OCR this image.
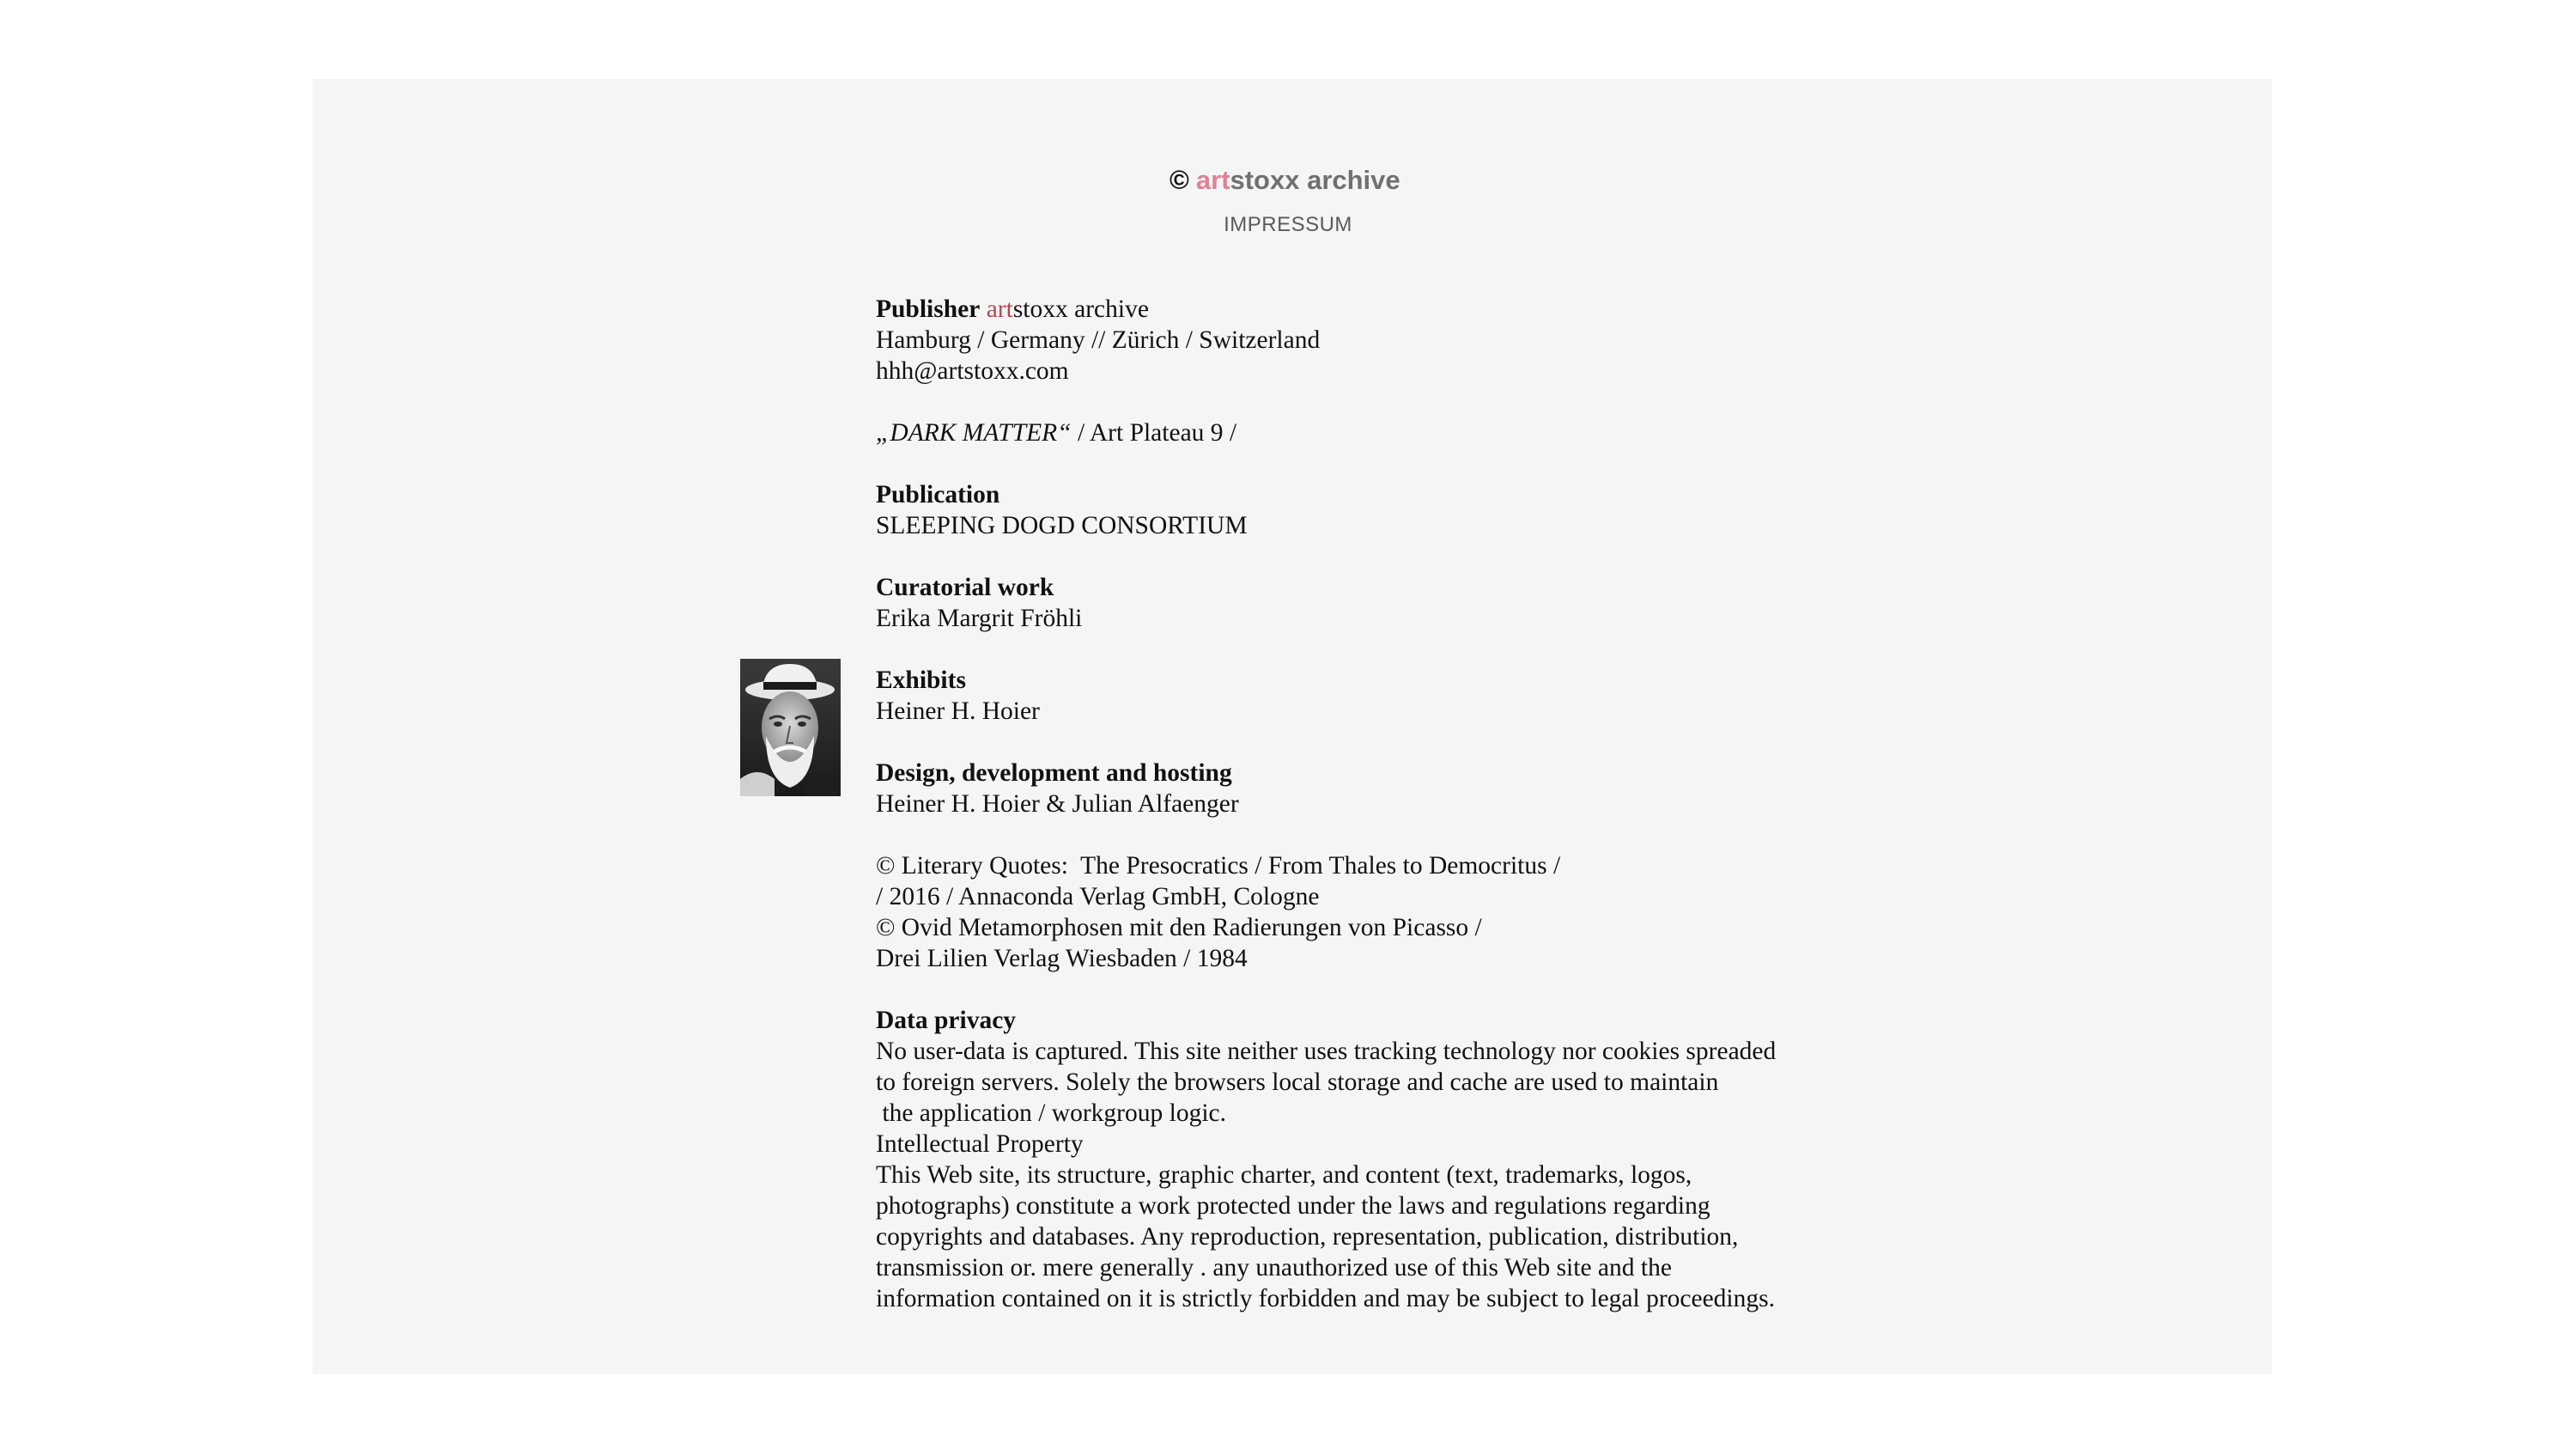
© artstoxx archive
IMPRESSUM
Publisher artstoxx archive
Hamburg / Germany // Zürich / Switzerland
hhh@artstoxx.com
„DARK MATTER“ / Art Plateau 9 /
Publication
SLEEPING DOGD CONSORTIUM
Curatorial work
Erika Margrit Fröhli
Exhibits
Heiner H. Hoier
Design, development and hosting
Heiner H. Hoier & Julian Alfaenger
© Literary Quotes:  The Presocratics / From Thales to Democritus /
/ 2016 / Annaconda Verlag GmbH, Cologne
© Ovid Metamorphosen mit den Radierungen von Picasso /
Drei Lilien Verlag Wiesbaden / 1984
Data privacy
No user-data is captured. This site neither uses tracking technology nor cookies spreaded
to foreign servers. Solely the browsers local storage and cache are used to maintain
the application / workgroup logic.
Intellectual Property
This Web site, its structure, graphic charter, and content (text, trademarks, logos,
photographs) constitute a work protected under the laws and regulations regarding
copyrights and databases. Any reproduction, representation, publication, distribution,
transmission or. mere generally . any unauthorized use of this Web site and the
information contained on it is strictly forbidden and may be subject to legal proceedings.
